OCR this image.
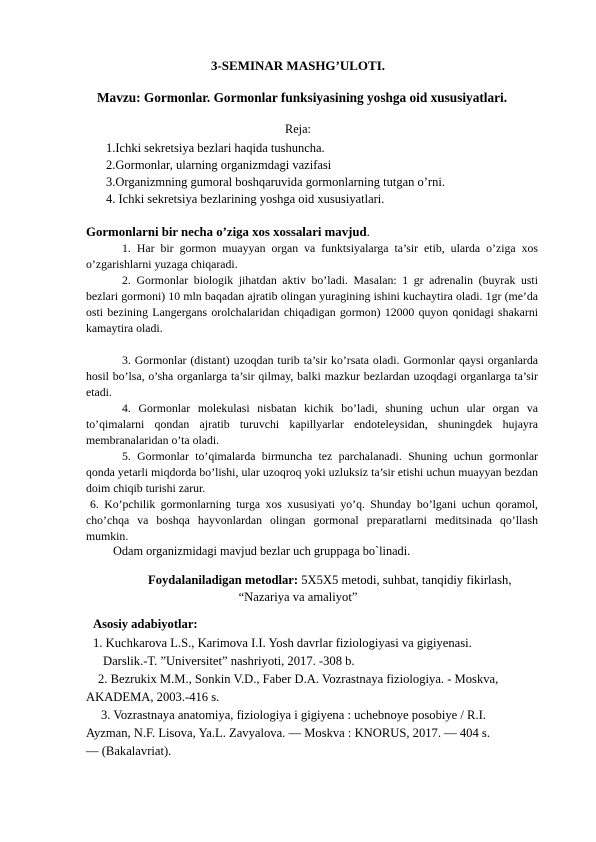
3-SEMINAR MASHG’ULOTI.
Mavzu: Gormonlar. Gormonlar funksiyasining yoshga oid xususiyatlari.
Reja:
1.Ichki sekretsiya bezlari haqida tushuncha.
2.Gormonlar, ularning organizmdagi vazifasi
3.Organizmning gumoral boshqaruvida gormonlarning tutgan o’rni.
4. Ichki sekretsiya bezlarining yoshga oid xususiyatlari.
Gormonlarni bir necha o’ziga xos xossalari mavjud.
1. Har bir gormon muayyan organ va funktsiyalarga ta’sir etib, ularda o’ziga xos o’zgarishlarni yuzaga chiqaradi.
2. Gormonlar biologik jihatdan aktiv bo’ladi. Masalan: 1 gr adrenalin (buyrak usti bezlari gormoni) 10 mln baqadan ajratib olingan yuragining ishini kuchaytira oladi. 1gr (me’da osti bezining Langergans orolchalaridan chiqadigan gormon) 12000 quyon qonidagi shakarni kamaytira oladi.
3. Gormonlar (distant) uzoqdan turib ta’sir ko’rsata oladi. Gormonlar qaysi organlarda hosil bo’lsa, o’sha organlarga ta’sir qilmay, balki mazkur bezlardan uzoqdagi organlarga ta’sir etadi.
4. Gormonlar molekulasi nisbatan kichik bo’ladi, shuning uchun ular organ va to’qimalarni qondan ajratib turuvchi kapillyarlar endoteleysidan, shuningdek hujayra membranalaridan o’ta oladi.
5. Gormonlar to’qimalarda birmuncha tez parchalanadi. Shuning uchun gormonlar qonda yetarli miqdorda bo’lishi, ular uzoqroq yoki uzluksiz ta’sir etishi uchun muayyan bezdan doim chiqib turishi zarur.
6. Ko’pchilik gormonlarning turga xos xususiyati yo’q. Shunday bo’lgani uchun qoramol, cho’chqa va boshqa hayvonlardan olingan gormonal preparatlarni meditsinada qo’llash mumkin.
Odam organizmidagi mavjud bezlar uch gruppaga bo`linadi.
Foydalaniladigan metodlar: 5X5X5 metodi, suhbat, tanqidiy fikirlash,
“Nazariya va amaliyot”
Asosiy adabiyotlar:
1. Kuchkarova L.S., Karimova I.I. Yosh davrlar fiziologiyasi va gigiyenasi.
Darslik.-T. ”Universitet” nashriyoti, 2017. -308 b.
2. Bezrukix M.M., Sonkin V.D., Faber D.A. Vozrastnaya fiziologiya. - Moskva,
AKADEMA, 2003.-416 s.
3. Vozrastnaya anatomiya, fiziologiya i gigiyena : uchebnoye posobiye / R.I.
Ayzman, N.F. Lisova, Ya.L. Zavyalova. — Moskva : KNORUS, 2017. — 404 s.
— (Bakalavriat).
